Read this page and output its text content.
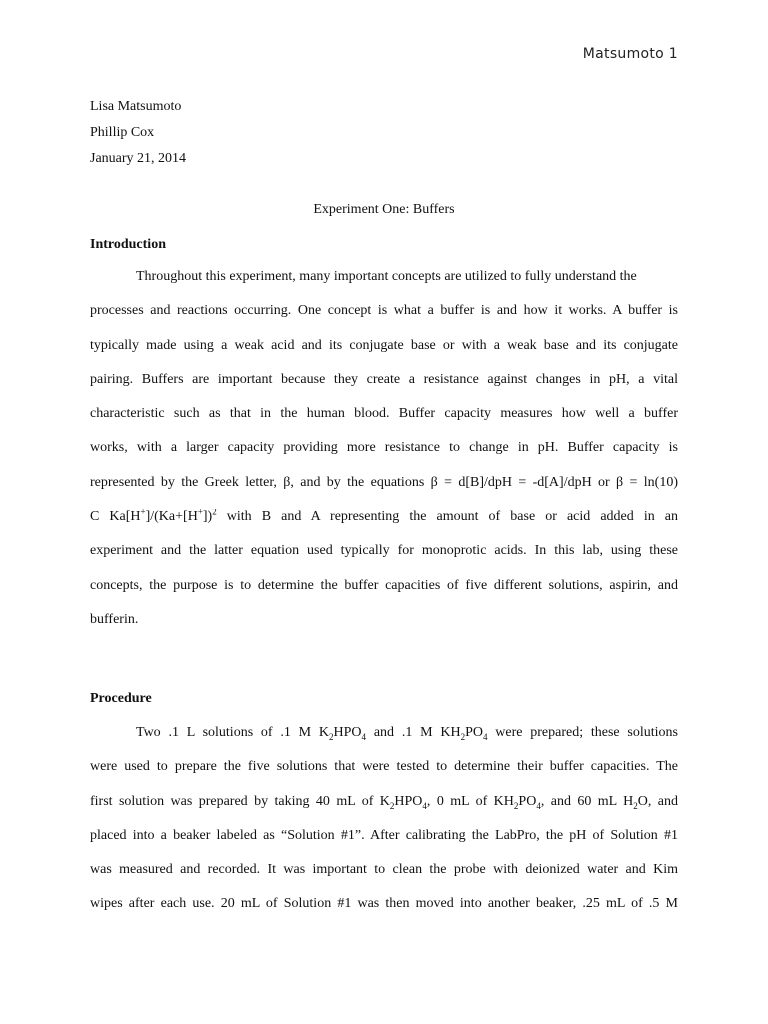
Matsumoto 1
Lisa Matsumoto
Phillip Cox
January 21, 2014
Experiment One: Buffers
Introduction
Throughout this experiment, many important concepts are utilized to fully understand the
processes and reactions occurring. One concept is what a buffer is and how it works. A buffer is
typically made using a weak acid and its conjugate base or with a weak base and its conjugate
pairing. Buffers are important because they create a resistance against changes in pH, a vital
characteristic such as that in the human blood. Buffer capacity measures how well a buffer
works, with a larger capacity providing more resistance to change in pH. Buffer capacity is
represented by the Greek letter, β, and by the equations β = d[B]/dpH = -d[A]/dpH or β = ln(10)
C $Ka[H^+]/(Ka+[H^+])^2$ with B and A representing the amount of base or acid added in an
experiment and the latter equation used typically for monoprotic acids. In this lab, using these
concepts, the purpose is to determine the buffer capacities of five different solutions, aspirin, and
bufferin.
Procedure
Two .1 L solutions of .1 M $K_2HPO_4$ and .1 M $KH_2PO_4$ were prepared; these solutions
were used to prepare the five solutions that were tested to determine their buffer capacities. The
first solution was prepared by taking 40 mL of $K_2HPO_4$, 0 mL of $KH_2PO_4$, and 60 mL $H_2O$, and
placed into a beaker labeled as “Solution #1”. After calibrating the LabPro, the pH of Solution #1
was measured and recorded. It was important to clean the probe with deionized water and Kim
wipes after each use. 20 mL of Solution #1 was then moved into another beaker, .25 mL of .5 M
